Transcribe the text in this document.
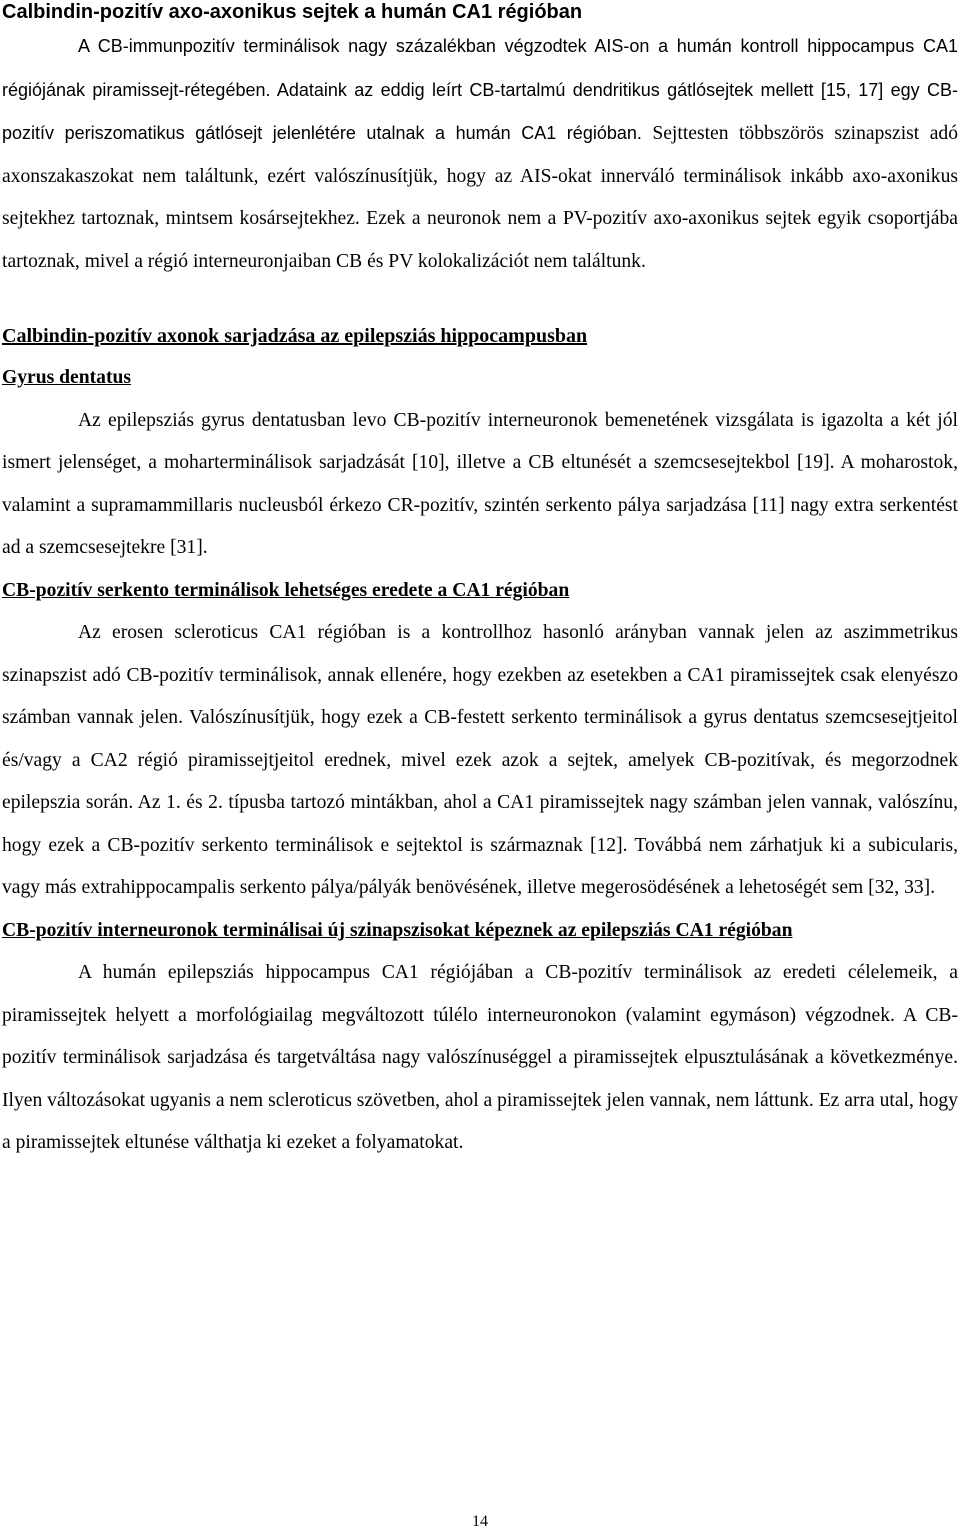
Calbindin-pozitív axo-axonikus sejtek a humán CA1 régióban

A CB-immunpozitív terminálisok nagy százalékban végzodtek AIS-on a humán kontroll hippocampus CA1 régiójának piramissejt-rétegében. Adataink az eddig leírt CB-tartalmú dendritikus gátlósejtek mellett [15, 17] egy CB-pozitív periszomatikus gátlósejt jelenlétére utalnak a humán CA1 régióban. Sejttesten többszörös szinapszist adó axonszakaszokat nem találtunk, ezért valószínusítjük, hogy az AIS-okat innerváló terminálisok inkább axo-axonikus sejtekhez tartoznak, mintsem kosársejtekhez. Ezek a neuronok nem a PV-pozitív axo-axonikus sejtek egyik csoportjába tartoznak, mivel a régió interneuronjaiban CB és PV kolokalizációt nem találtunk.

Calbindin-pozitív axonok sarjadzása az epilepsziás hippocampusban
Gyrus dentatus

Az epilepsziás gyrus dentatusban levo CB-pozitív interneuronok bemenetének vizsgálata is igazolta a két jól ismert jelenséget, a moharterminálisok sarjadzását [10], illetve a CB eltunését a szemcsesejtekbol [19]. A moharostok, valamint a supramammillaris nucleusból érkezo CR-pozitív, szintén serkento pálya sarjadzása [11] nagy extra serkentést ad a szemcsesejtekre [31].

CB-pozitív serkento terminálisok lehetséges eredete a CA1 régióban

Az erosen scleroticus CA1 régióban is a kontrollhoz hasonló arányban vannak jelen az aszimmetrikus szinapszist adó CB-pozitív terminálisok, annak ellenére, hogy ezekben az esetekben a CA1 piramissejtek csak elenyészo számban vannak jelen. Valószínusítjük, hogy ezek a CB-festett serkento terminálisok a gyrus dentatus szemcsesejtjeitol és/vagy a CA2 régió piramissejtjeitol erednek, mivel ezek azok a sejtek, amelyek CB-pozitívak, és megorzodnek epilepszia során. Az 1. és 2. típusba tartozó mintákban, ahol a CA1 piramissejtek nagy számban jelen vannak, valószínu, hogy ezek a CB-pozitív serkento terminálisok e sejtektol is származnak [12]. Továbbá nem zárhatjuk ki a subicularis, vagy más extrahippocampalis serkento pálya/pályák benövésének, illetve megerosödésének a lehetoségét sem [32, 33].

CB-pozitív interneuronok terminálisai új szinapszisokat képeznek az epilepsziás CA1 régióban

A humán epilepsziás hippocampus CA1 régiójában a CB-pozitív terminálisok az eredeti célelemeik, a piramissejtek helyett a morfológiailag megváltozott túlélo interneuronokon (valamint egymáson) végzodnek. A CB-pozitív terminálisok sarjadzása és targetváltása nagy valószínuséggel a piramissejtek elpusztulásának a következménye. Ilyen változásokat ugyanis a nem scleroticus szövetben, ahol a piramissejtek jelen vannak, nem láttunk. Ez arra utal, hogy a piramissejtek eltunése válthatja ki ezeket a folyamatokat.

14
